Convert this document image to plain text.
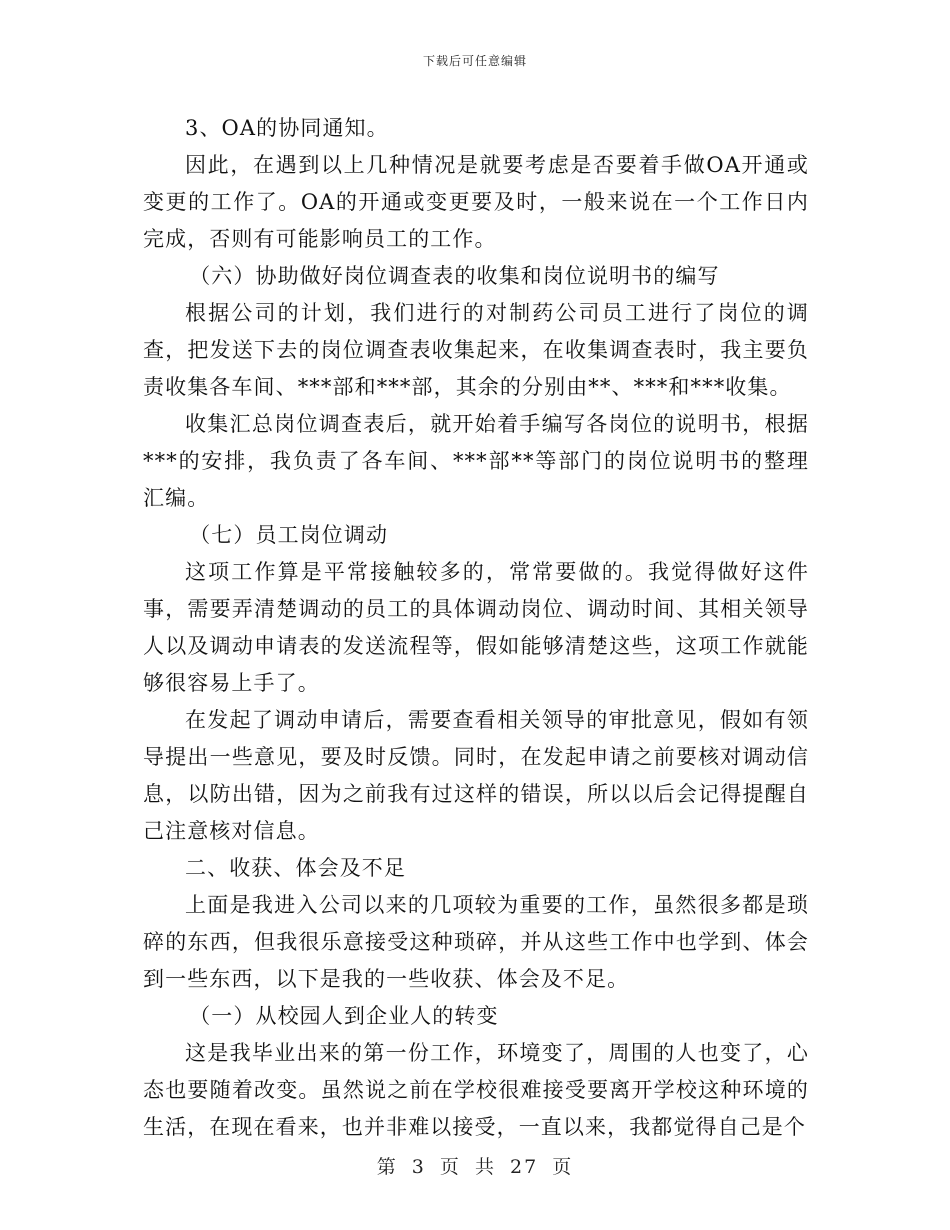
下载后可任意编辑

3、OA的协同通知。

因此，在遇到以上几种情况是就要考虑是否要着手做OA开通或变更的工作了。OA的开通或变更要及时，一般来说在一个工作日内完成，否则有可能影响员工的工作。

（六）协助做好岗位调查表的收集和岗位说明书的编写

根据公司的计划，我们进行的对制药公司员工进行了岗位的调查，把发送下去的岗位调查表收集起来，在收集调查表时，我主要负责收集各车间、***部和***部，其余的分别由**、***和***收集。

收集汇总岗位调查表后，就开始着手编写各岗位的说明书，根据***的安排，我负责了各车间、***部**等部门的岗位说明书的整理汇编。

（七）员工岗位调动

这项工作算是平常接触较多的，常常要做的。我觉得做好这件事，需要弄清楚调动的员工的具体调动岗位、调动时间、其相关领导人以及调动申请表的发送流程等，假如能够清楚这些，这项工作就能够很容易上手了。

在发起了调动申请后，需要查看相关领导的审批意见，假如有领导提出一些意见，要及时反馈。同时，在发起申请之前要核对调动信息，以防出错，因为之前我有过这样的错误，所以以后会记得提醒自己注意核对信息。

二、收获、体会及不足

上面是我进入公司以来的几项较为重要的工作，虽然很多都是琐碎的东西，但我很乐意接受这种琐碎，并从这些工作中也学到、体会到一些东西，以下是我的一些收获、体会及不足。

（一）从校园人到企业人的转变

这是我毕业出来的第一份工作，环境变了，周围的人也变了，心态也要随着改变。虽然说之前在学校很难接受要离开学校这种环境的生活，在现在看来，也并非难以接受，一直以来，我都觉得自己是个

第 3 页 共 27 页
